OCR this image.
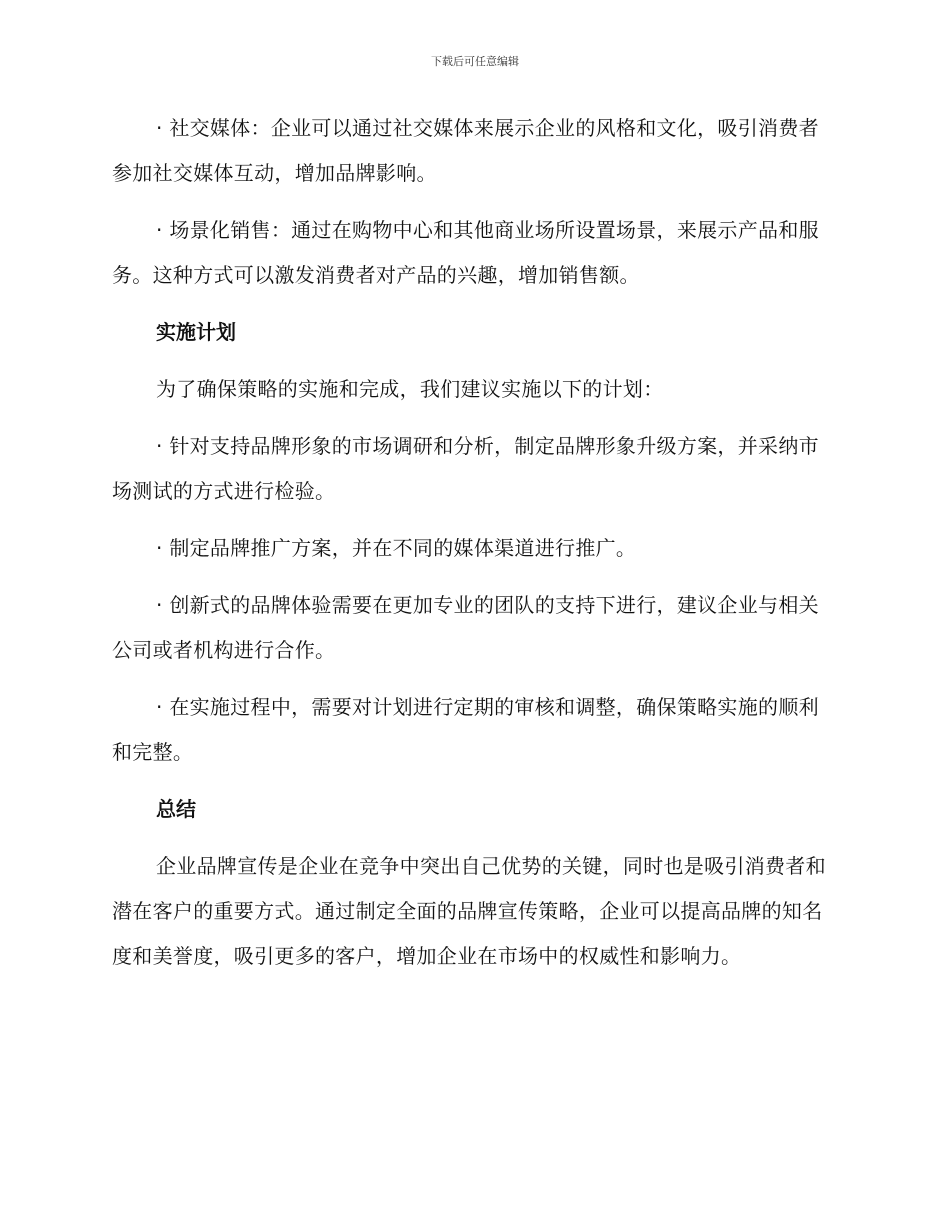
下载后可任意编辑

· 社交媒体：企业可以通过社交媒体来展示企业的风格和文化，吸引消费者参加社交媒体互动，增加品牌影响。

· 场景化销售：通过在购物中心和其他商业场所设置场景，来展示产品和服务。这种方式可以激发消费者对产品的兴趣，增加销售额。

实施计划

为了确保策略的实施和完成，我们建议实施以下的计划：

· 针对支持品牌形象的市场调研和分析，制定品牌形象升级方案，并采纳市场测试的方式进行检验。

· 制定品牌推广方案，并在不同的媒体渠道进行推广。

· 创新式的品牌体验需要在更加专业的团队的支持下进行，建议企业与相关公司或者机构进行合作。

· 在实施过程中，需要对计划进行定期的审核和调整，确保策略实施的顺利和完整。

总结

企业品牌宣传是企业在竞争中突出自己优势的关键，同时也是吸引消费者和潜在客户的重要方式。通过制定全面的品牌宣传策略，企业可以提高品牌的知名度和美誉度，吸引更多的客户，增加企业在市场中的权威性和影响力。
